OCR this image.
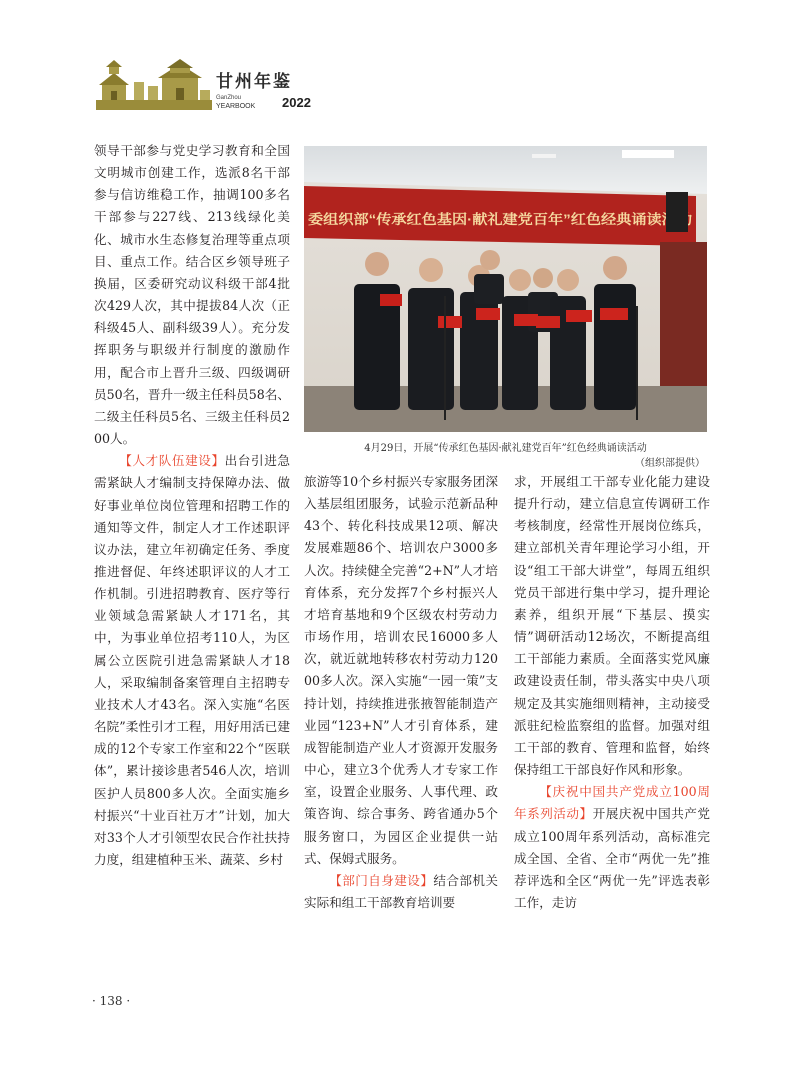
甘州年鉴
GanZhou
YEARBOOK 2022

领导干部参与党史学习教育和全国文明城市创建工作，选派8名干部参与信访维稳工作，抽调100多名干部参与227线、213线绿化美化、城市水生态修复治理等重点项目、重点工作。结合区乡领导班子换届，区委研究动议科级干部4批次429人次，其中提拔84人次（正科级45人、副科级39人）。充分发挥职务与职级并行制度的激励作用，配合市上晋升三级、四级调研员50名，晋升一级主任科员58名、二级主任科员5名、三级主任科员200人。

【人才队伍建设】出台引进急需紧缺人才编制支持保障办法、做好事业单位岗位管理和招聘工作的通知等文件，制定人才工作述职评议办法，建立年初确定任务、季度推进督促、年终述职评议的人才工作机制。引进招聘教育、医疗等行业领域急需紧缺人才171名，其中，为事业单位招考110人，为区属公立医院引进急需紧缺人才18人，采取编制备案管理自主招聘专业技术人才43名。深入实施“名医名院”柔性引才工程，用好用活已建成的12个专家工作室和22个“医联体”，累计接诊患者546人次，培训医护人员800多人次。全面实施乡村振兴“十业百社万才”计划，加大对33个人才引领型农民合作社扶持力度，组建植种玉米、蔬菜、乡村

委组织部“传承红色基因·献礼建党百年”红色经典诵读活动
4月29日，开展“传承红色基因·献礼建党百年”红色经典诵读活动
（组织部提供）

旅游等10个乡村振兴专家服务团深入基层组团服务，试验示范新品种43个、转化科技成果12项、解决发展难题86个、培训农户3000多人次。持续健全完善“2+N”人才培育体系，充分发挥7个乡村振兴人才培育基地和9个区级农村劳动力市场作用，培训农民16000多人次，就近就地转移农村劳动力12000多人次。深入实施“一园一策”支持计划，持续推进张掖智能制造产业园“123+N”人才引育体系，建成智能制造产业人才资源开发服务中心，建立3个优秀人才专家工作室，设置企业服务、人事代理、政策咨询、综合事务、跨省通办5个服务窗口，为园区企业提供一站式、保姆式服务。

【部门自身建设】结合部机关实际和组工干部教育培训要

求，开展组工干部专业化能力建设提升行动，建立信息宣传调研工作考核制度，经常性开展岗位练兵，建立部机关青年理论学习小组，开设“组工干部大讲堂”，每周五组织党员干部进行集中学习，提升理论素养，组织开展“下基层、摸实情”调研活动12场次，不断提高组工干部能力素质。全面落实党风廉政建设责任制，带头落实中央八项规定及其实施细则精神，主动接受派驻纪检监察组的监督。加强对组工干部的教育、管理和监督，始终保持组工干部良好作风和形象。

【庆祝中国共产党成立100周年系列活动】开展庆祝中国共产党成立100周年系列活动，高标准完成全国、全省、全市“两优一先”推荐评选和全区“两优一先”评选表彰工作，走访

· 138 ·
